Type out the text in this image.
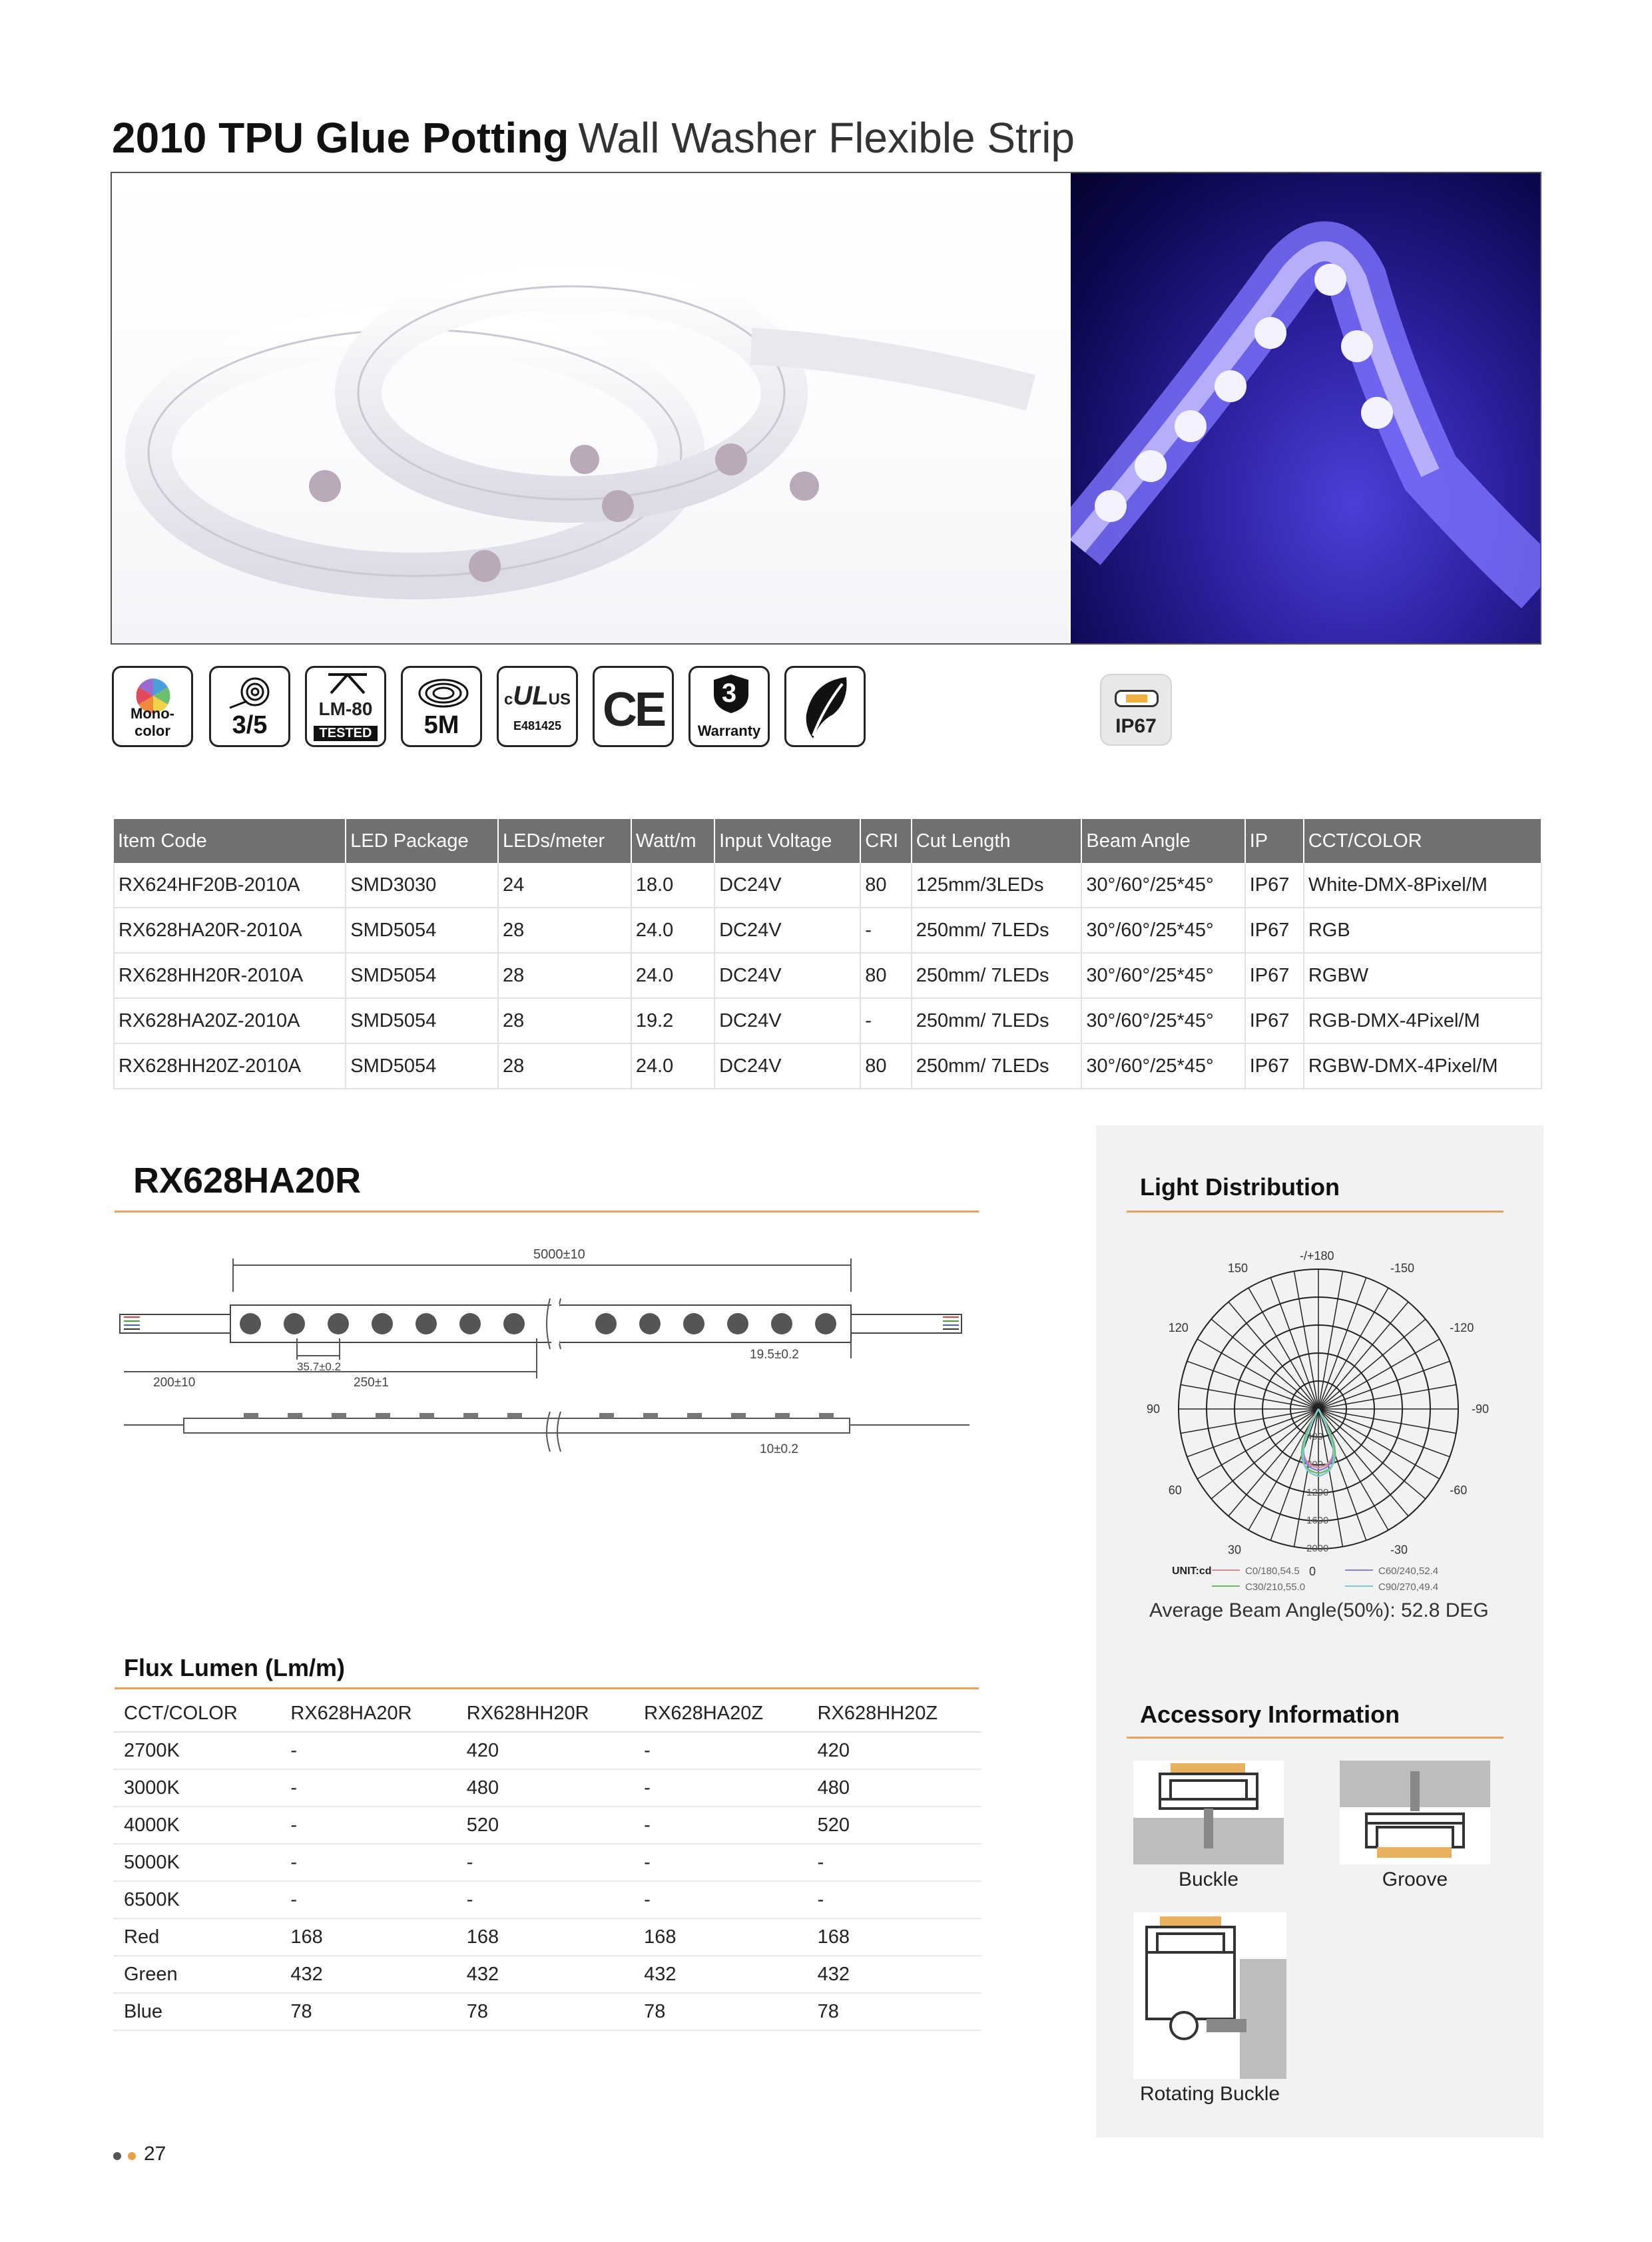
2010 TPU Glue Potting Wall Washer Flexible Strip
Mono-color	3/5
LM-80
TESTED	5M
cULUS
E481425 CE	3
Warranty	IP67
Item Code	LED Package	LEDs/meter	Watt/m	Input Voltage	CRI	Cut Length	Beam Angle	IP	CCT/COLOR
RX624HF20B-2010A	SMD3030	24	18.0	DC24V	80	125mm/3LEDs	30°/60°/25*45°	IP67	White-DMX-8Pixel/M
RX628HA20R-2010A	SMD5054	28	24.0	DC24V	-	250mm/ 7LEDs	30°/60°/25*45°	IP67	RGB
RX628HH20R-2010A	SMD5054	28	24.0	DC24V	80	250mm/ 7LEDs	30°/60°/25*45°	IP67	RGBW
RX628HA20Z-2010A	SMD5054	28	19.2	DC24V	-	250mm/ 7LEDs	30°/60°/25*45°	IP67	RGB-DMX-4Pixel/M
RX628HH20Z-2010A	SMD5054	28	24.0	DC24V	80	250mm/ 7LEDs	30°/60°/25*45°	IP67	RGBW-DMX-4Pixel/M
RX628HA20R
5000±10
35.7±0.2
200±10	250±1
19.5±0.2
10±0.2
Light Distribution
-150
150
-120
120
-90
90
-60
60
-30
30
0
-/+180
400
800
1200
1600
2000
UNIT:cd	C0/180,54.5	C60/240,52.4
C30/210,55.0	C90/270,49.4
Average Beam Angle(50%): 52.8 DEG
Accessory Information
Buckle	Groove
Rotating Buckle
Flux Lumen (Lm/m)
CCT/COLOR	RX628HA20R	RX628HH20R	RX628HA20Z	RX628HH20Z
2700K	-	420	-	420
3000K	-	480	-	480
4000K	-	520	-	520
5000K	-	-	-	-
6500K	-	-	-	-
Red	168	168	168	168
Green	432	432	432	432
Blue	78	78	78	78
27
